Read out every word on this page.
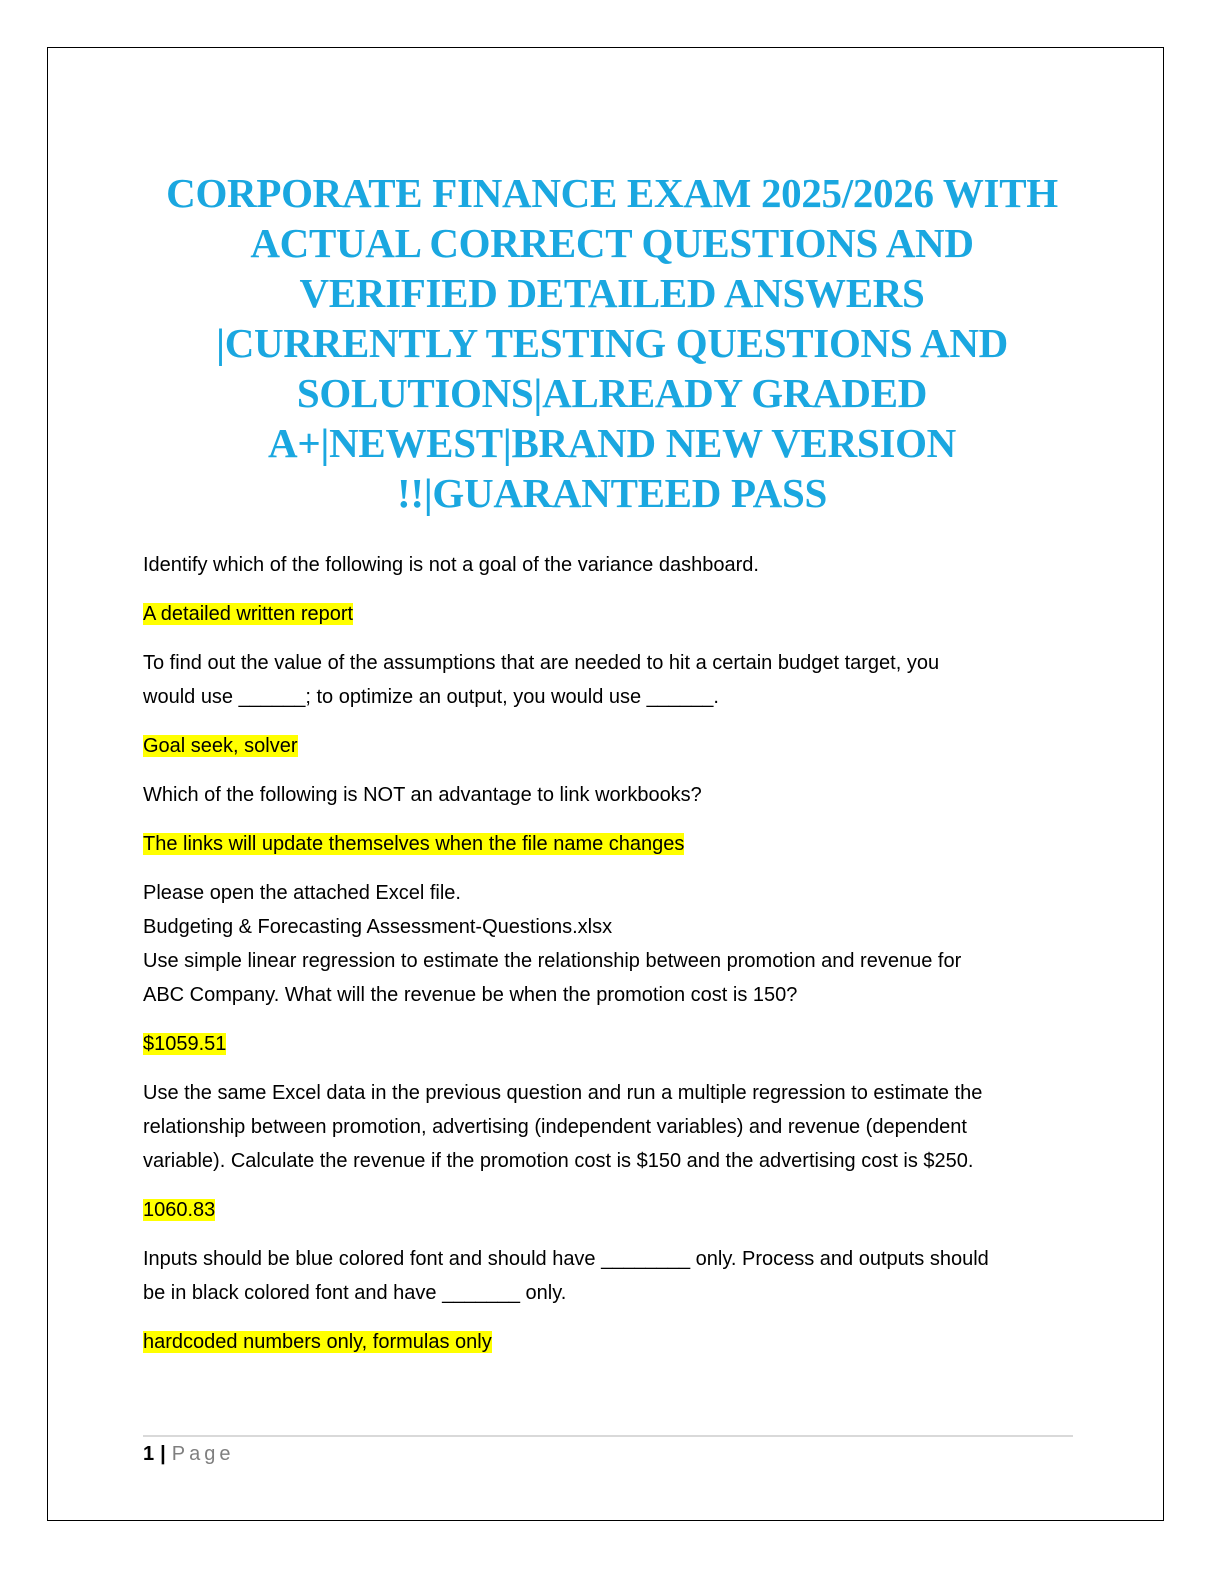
CORPORATE FINANCE EXAM 2025/2026 WITH
ACTUAL CORRECT QUESTIONS AND
VERIFIED DETAILED ANSWERS
|CURRENTLY TESTING QUESTIONS AND
SOLUTIONS|ALREADY GRADED
A+|NEWEST|BRAND NEW VERSION
!!|GUARANTEED PASS

Identify which of the following is not a goal of the variance dashboard.

A detailed written report

To find out the value of the assumptions that are needed to hit a certain budget target, you
would use ______; to optimize an output, you would use ______.

Goal seek, solver

Which of the following is NOT an advantage to link workbooks?

The links will update themselves when the file name changes

Please open the attached Excel file.
Budgeting & Forecasting Assessment-Questions.xlsx
Use simple linear regression to estimate the relationship between promotion and revenue for
ABC Company. What will the revenue be when the promotion cost is 150?

$1059.51

Use the same Excel data in the previous question and run a multiple regression to estimate the
relationship between promotion, advertising (independent variables) and revenue (dependent
variable). Calculate the revenue if the promotion cost is $150 and the advertising cost is $250.

1060.83

Inputs should be blue colored font and should have ________ only. Process and outputs should
be in black colored font and have _______ only.

hardcoded numbers only, formulas only

1 | Page
